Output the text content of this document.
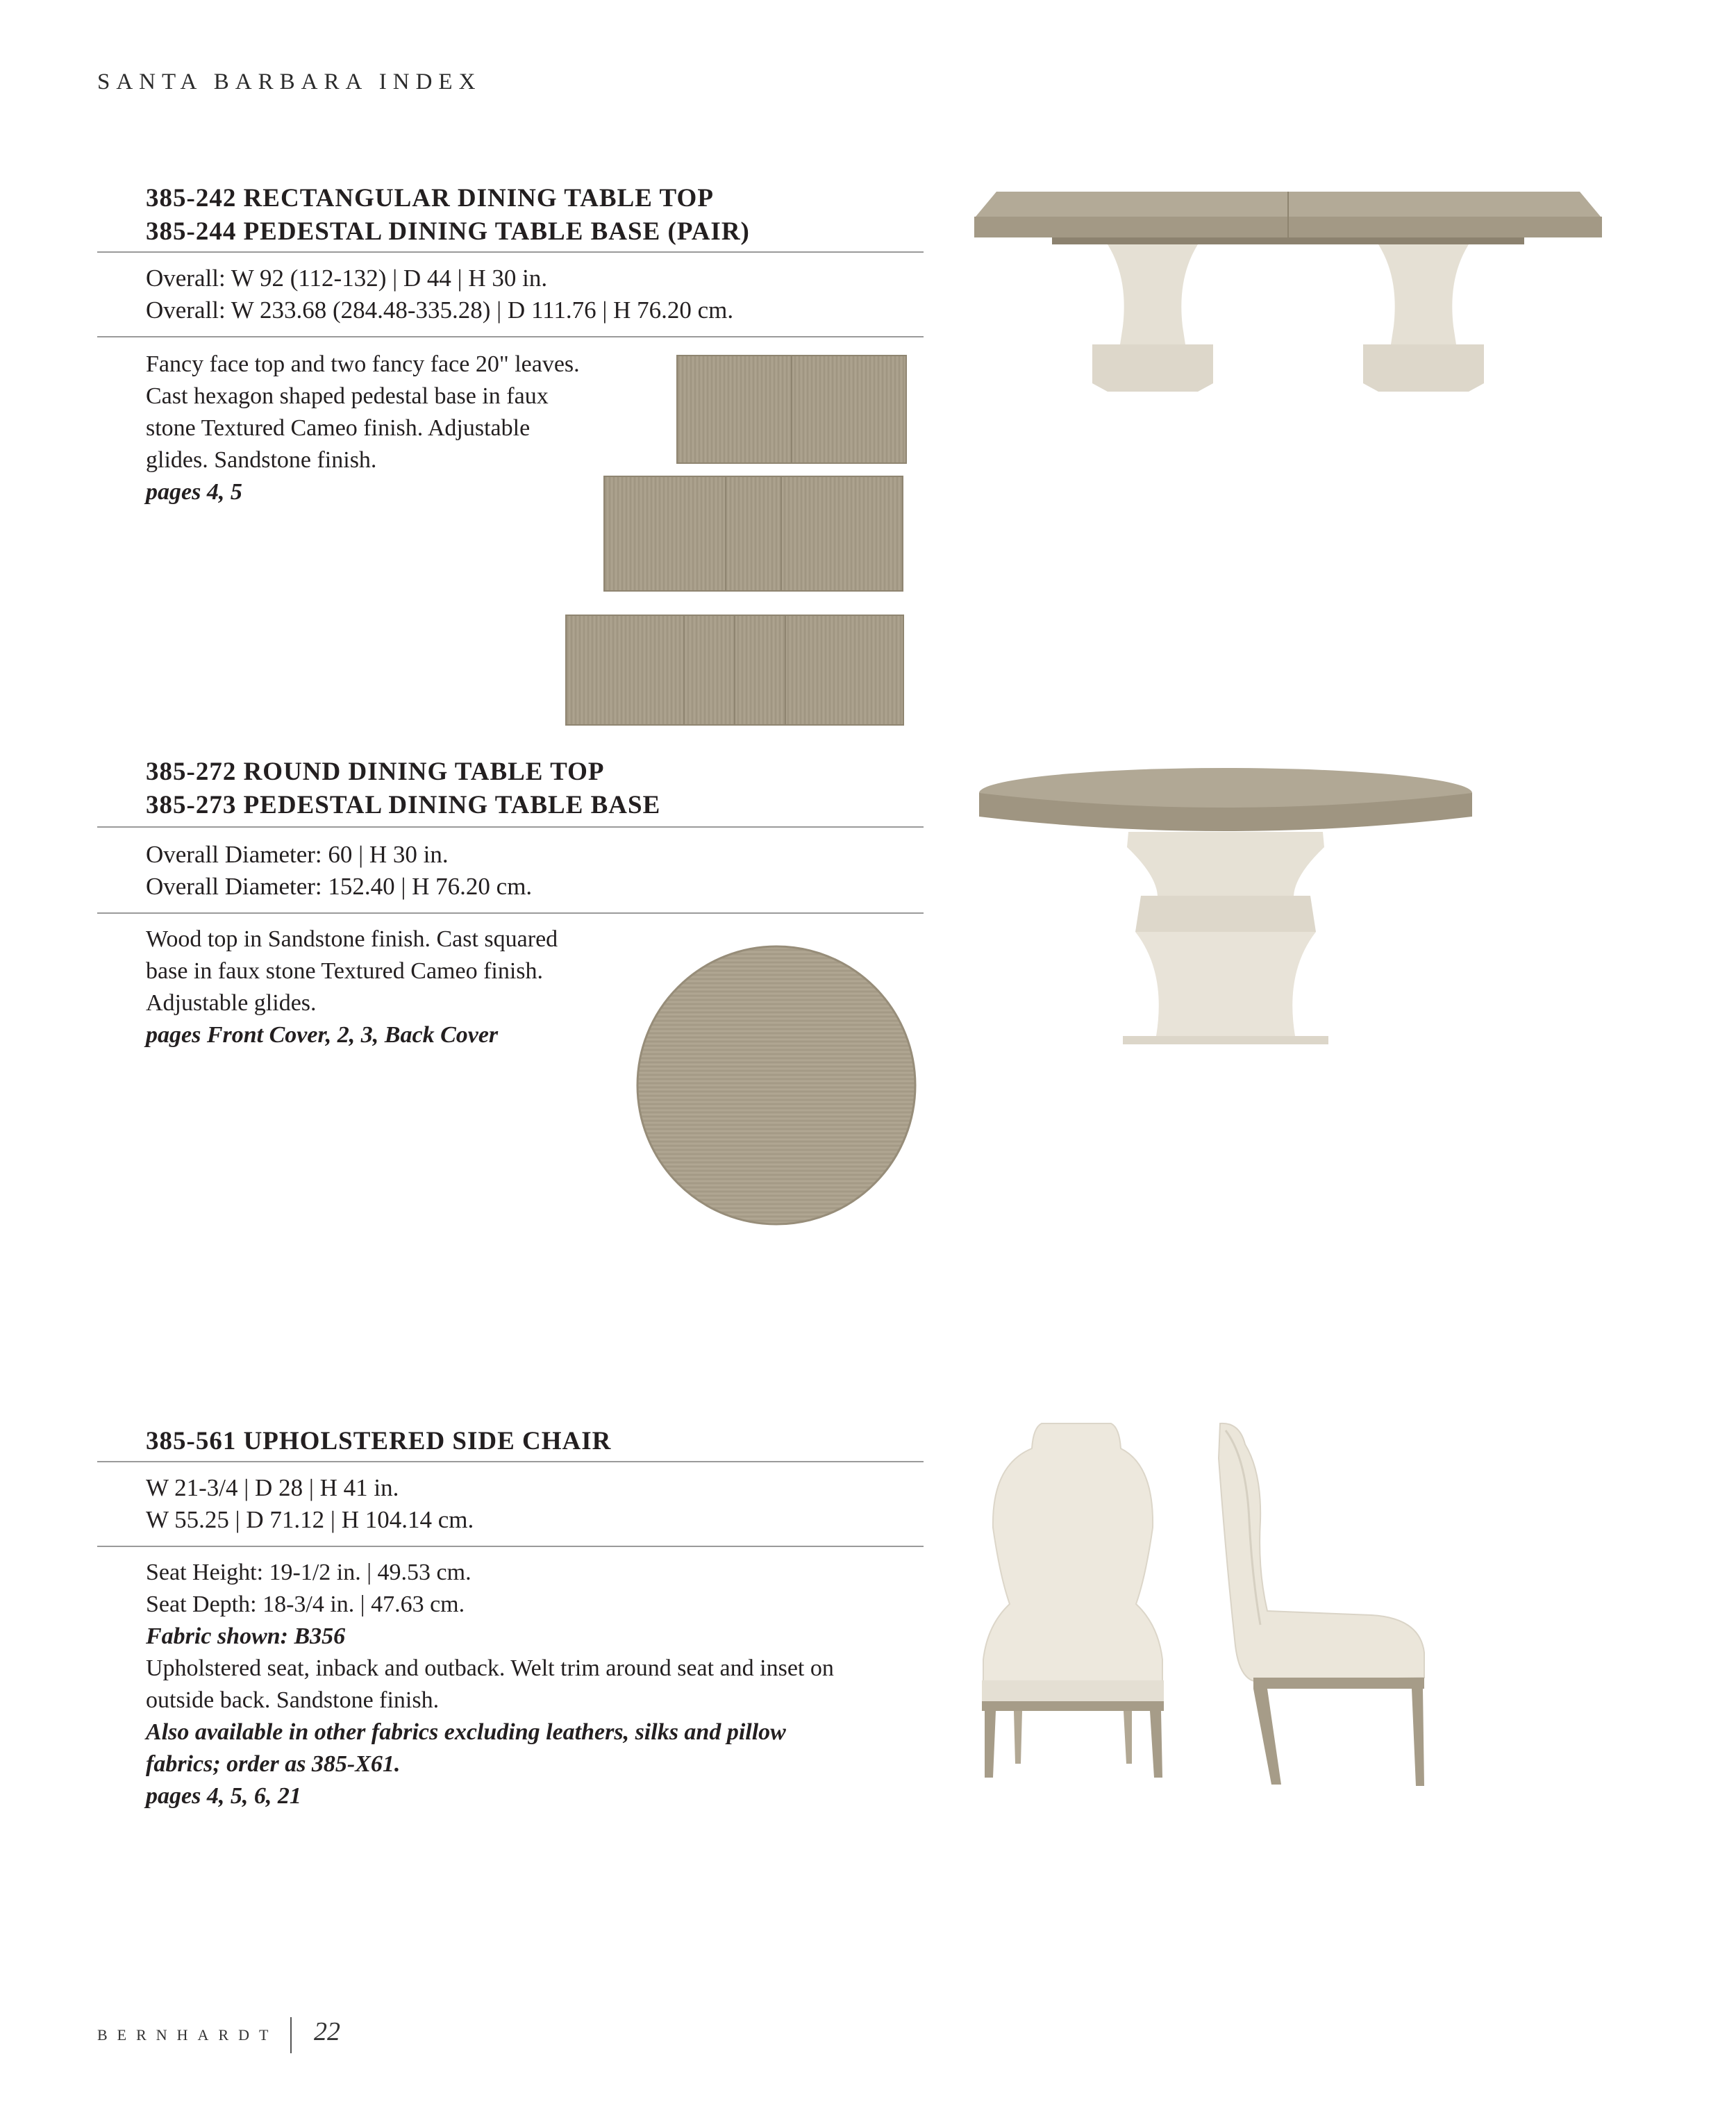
SANTA BARBARA INDEX
385-242 RECTANGULAR DINING TABLE TOP
385-244 PEDESTAL DINING TABLE BASE (PAIR)
Overall: W 92 (112-132) | D 44 | H 30 in.
Overall: W 233.68 (284.48-335.28) | D 111.76 | H 76.20 cm.
Fancy face top and two fancy face 20" leaves.
Cast hexagon shaped pedestal base in faux
stone Textured Cameo finish. Adjustable
glides. Sandstone finish.
pages 4, 5
385-272 ROUND DINING TABLE TOP
385-273 PEDESTAL DINING TABLE BASE
Overall Diameter: 60 | H 30 in.
Overall Diameter: 152.40 | H 76.20 cm.
Wood top in Sandstone finish. Cast squared
base in faux stone Textured Cameo finish.
Adjustable glides.
pages Front Cover, 2, 3, Back Cover
385-561 UPHOLSTERED SIDE CHAIR
W 21-3/4 | D 28 | H 41 in.
W 55.25 | D 71.12 | H 104.14 cm.
Seat Height: 19-1/2 in. | 49.53 cm.
Seat Depth: 18-3/4 in. | 47.63 cm.
Fabric shown: B356
Upholstered seat, inback and outback. Welt trim around seat and inset on
outside back. Sandstone finish.
Also available in other fabrics excluding leathers, silks and pillow
fabrics; order as 385-X61.
pages 4, 5, 6, 21
BERNHARDT 22
